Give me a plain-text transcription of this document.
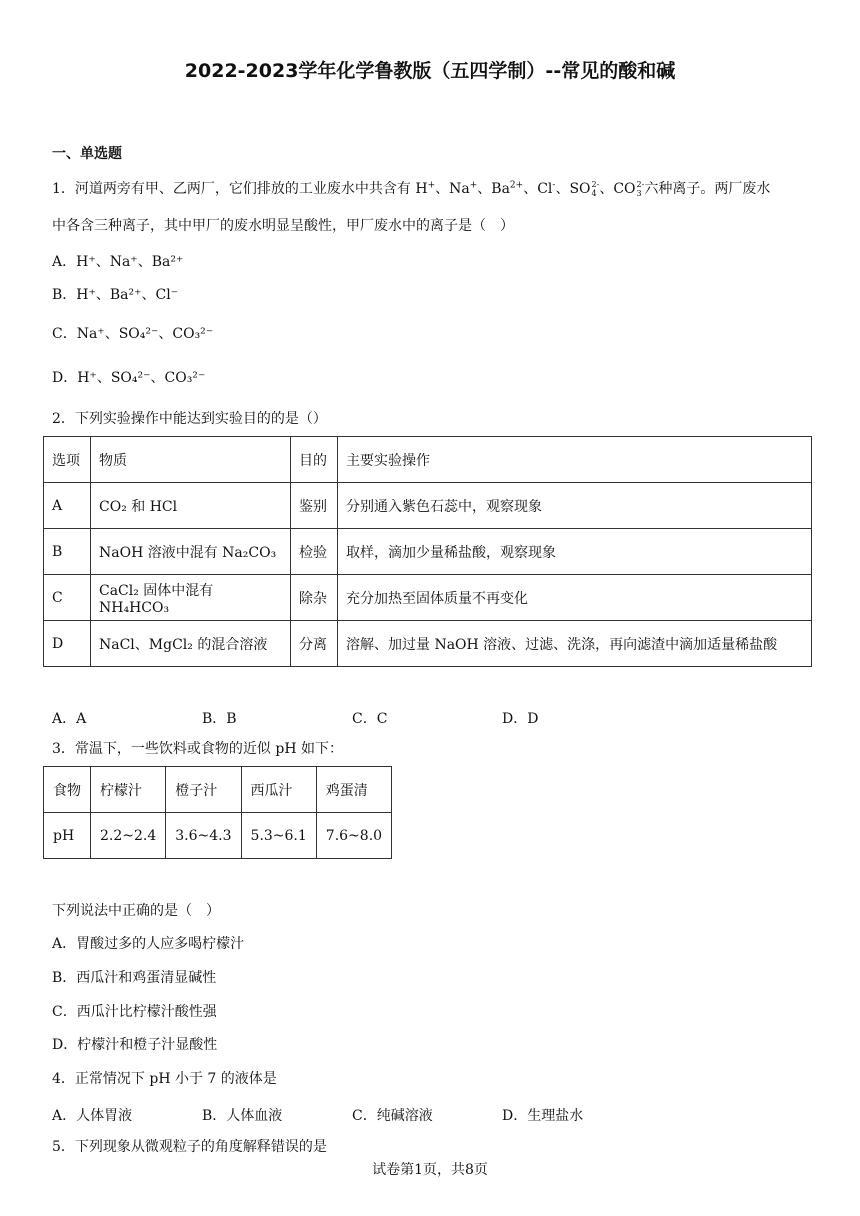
2022-2023学年化学鲁教版（五四学制）--常见的酸和碱
一、单选题
1．河道两旁有甲、乙两厂，它们排放的工业废水中共含有 H+、Na+、$Ba^{2+}$、Cl-、SO 2-
4 、CO 2-
3 六种离子。两厂废水
中各含三种离子，其中甲厂的废水明显呈酸性，甲厂废水中的离子是（　）
A．H⁺、Na⁺、Ba²⁺
B．H⁺、Ba²⁺、Cl⁻
C．Na⁺、SO₄²⁻、CO₃²⁻
D．H⁺、SO₄²⁻、CO₃²⁻
2．下列实验操作中能达到实验目的的是（）
选项	物质	目的	主要实验操作
A	CO₂ 和 HCl	鉴别	分别通入紫色石蕊中，观察现象
B	NaOH 溶液中混有 Na₂CO₃	检验	取样，滴加少量稀盐酸，观察现象
C	CaCl₂ 固体中混有 NH₄HCO₃	除杂	充分加热至固体质量不再变化
D	NaCl、MgCl₂ 的混合溶液	分离	溶解、加过量 NaOH 溶液、过滤、洗涤，再向滤渣中滴加适量稀盐酸
A．A	B．B	C．C	D．D
3．常温下，一些饮料或食物的近似 pH 如下：
食物	柠檬汁	橙子汁	西瓜汁	鸡蛋清
pH	2.2~2.4	3.6~4.3	5.3~6.1	7.6~8.0
下列说法中正确的是（　）
A．胃酸过多的人应多喝柠檬汁
B．西瓜汁和鸡蛋清显碱性
C．西瓜汁比柠檬汁酸性强
D．柠檬汁和橙子汁显酸性
4．正常情况下 pH 小于 7 的液体是
A．人体胃液	B．人体血液	C．纯碱溶液	D．生理盐水
5．下列现象从微观粒子的角度解释错误的是
试卷第1页，共8页
